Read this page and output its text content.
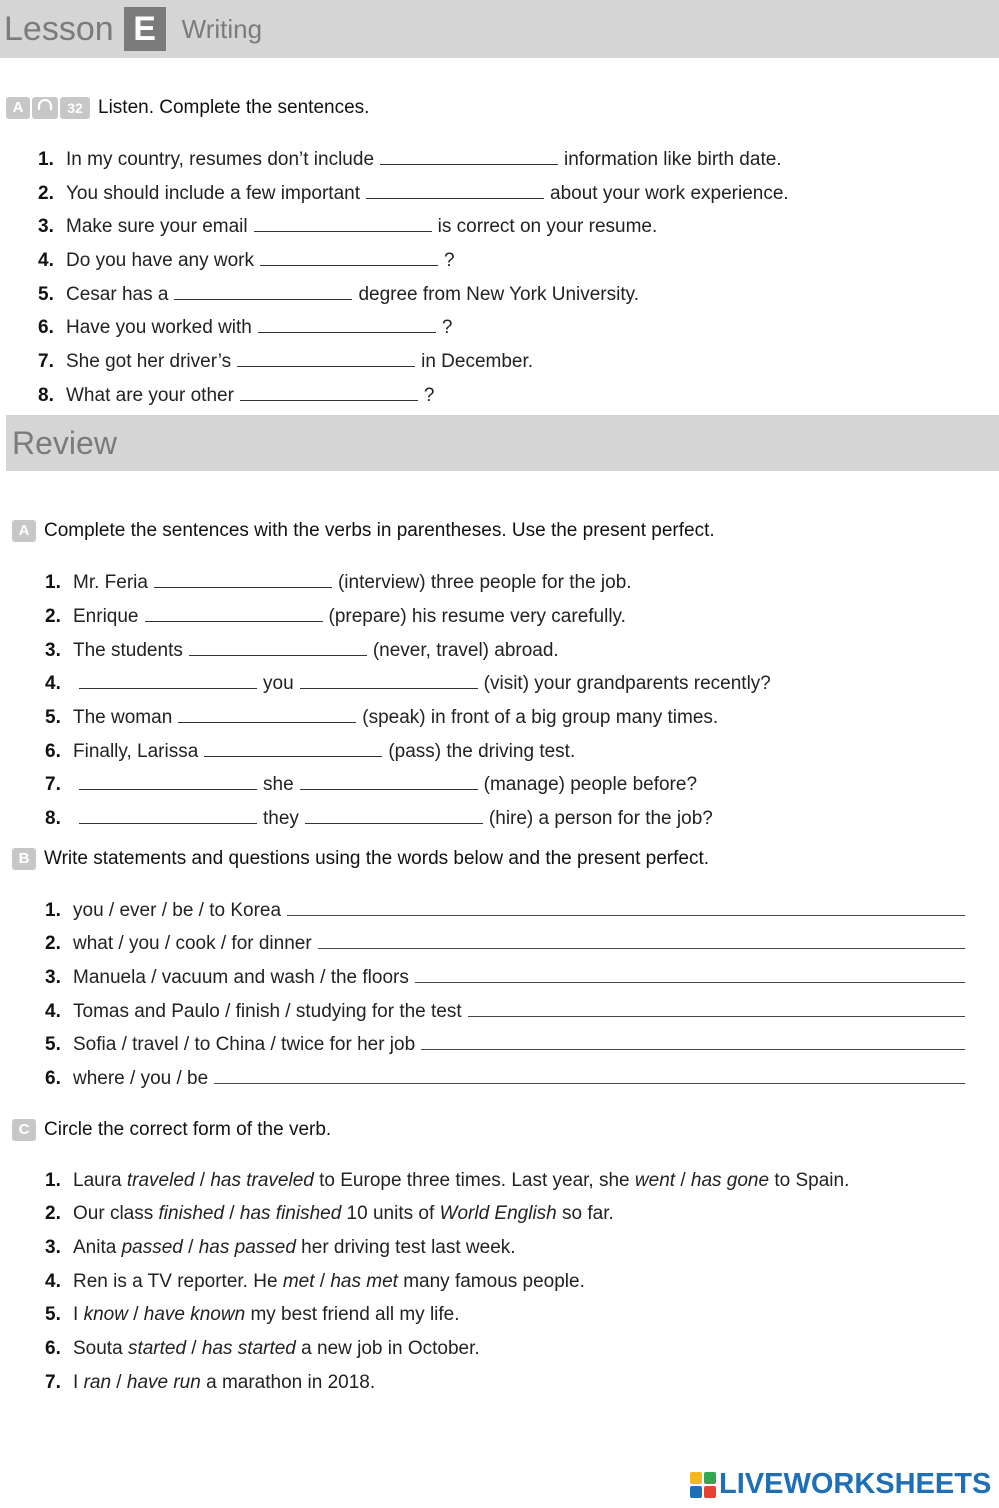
Lesson E Writing
A	32 Listen. Complete the sentences.
1. In my country, resumes don’t include	information like birth date.
2. You should include a few important	about your work experience.
3. Make sure your email	is correct on your resume.
4. Do you have any work	?
5. Cesar has a	degree from New York University.
6. Have you worked with	?
7. She got her driver’s	in December.
8. What are your other	?
Review
A Complete the sentences with the verbs in parentheses. Use the present perfect.
1. Mr. Feria	(interview) three people for the job.
2. Enrique	(prepare) his resume very carefully.
3. The students	(never, travel) abroad.
4.	you	(visit) your grandparents recently?
5. The woman	(speak) in front of a big group many times.
6. Finally, Larissa	(pass) the driving test.
7.	she	(manage) people before?
8.	they	(hire) a person for the job?
B Write statements and questions using the words below and the present perfect.
1. you / ever / be / to Korea
2. what / you / cook / for dinner
3. Manuela / vacuum and wash / the floors
4. Tomas and Paulo / finish / studying for the test
5. Sofia / travel / to China / twice for her job
6. where / you / be
C Circle the correct form of the verb.
1. Laura traveled / has traveled to Europe three times. Last year, she went / has gone to Spain.
2. Our class finished / has finished 10 units of World English so far.
3. Anita passed / has passed her driving test last week.
4. Ren is a TV reporter. He met / has met many famous people.
5. I know / have known my best friend all my life.
6. Souta started / has started a new job in October.
7. I ran / have run a marathon in 2018.
LIVEWORKSHEETS
